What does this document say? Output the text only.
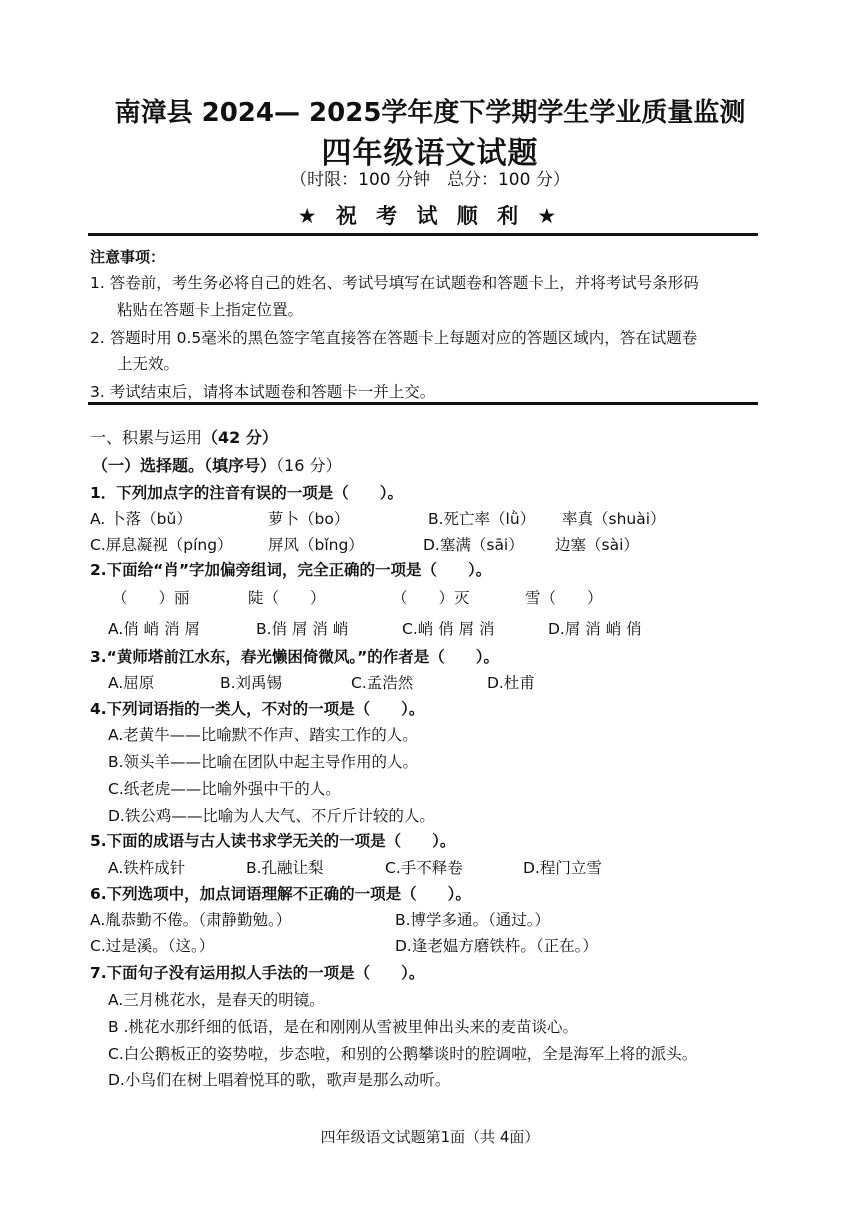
南漳县 2024— 2025学年度下学期学生学业质量监测
四年级语文试题
（时限：100 分钟　总分：100 分）
★ 祝 考 试 顺 利 ★
注意事项：
1. 答卷前，考生务必将自己的姓名、考试号填写在试题卷和答题卡上，并将考试号条形码
粘贴在答题卡上指定位置。
2. 答题时用 0.5毫米的黑色签字笔直接答在答题卡上每题对应的答题区域内，答在试题卷
上无效。
3. 考试结束后，请将本试题卷和答题卡一并上交。
一、积累与运用（42 分）
（一）选择题。（填序号）（16 分）
1．下列加点字的注音有误的一项是（　　）。
A. 卜落（bǔ）	萝卜（bo）	B.死亡率（lǜ） 率真（shuài）
C.屏息凝视（píng） 屏风（bǐng）	D.塞满（sāi） 边塞（sài）
2.下面给“肖”字加偏旁组词，完全正确的一项是（　　）。
（　　）丽	陡（　　）	（　　）灭	雪（　　）
A.俏 峭 消 屑	B.俏 屑 消 峭	C.峭 俏 屑 消	D.屑 消 峭 俏
3.“黄师塔前江水东，春光懒困倚微风。”的作者是（　　）。
A.屈原	B.刘禹锡	C.孟浩然	D.杜甫
4.下列词语指的一类人，不对的一项是（　　）。
A.老黄牛——比喻默不作声、踏实工作的人。
B.领头羊——比喻在团队中起主导作用的人。
C.纸老虎——比喻外强中干的人。
D.铁公鸡——比喻为人大气、不斤斤计较的人。
5.下面的成语与古人读书求学无关的一项是（　　）。
A.铁杵成针	B.孔融让梨	C.手不释卷	D.程门立雪
6.下列选项中，加点词语理解不正确的一项是（　　）。
A.胤恭勤不倦。（肃静勤勉。）	B.博学多通。（通过。）
C.过是溪。（这。）	D.逢老媪方磨铁杵。（正在。）
7.下面句子没有运用拟人手法的一项是（　　）。
A.三月桃花水，是春天的明镜。
B .桃花水那纤细的低语，是在和刚刚从雪被里伸出头来的麦苗谈心。
C.白公鹅板正的姿势啦，步态啦，和别的公鹅攀谈时的腔调啦，全是海军上将的派头。
D.小鸟们在树上唱着悦耳的歌，歌声是那么动听。
四年级语文试题第1面（共 4面）
